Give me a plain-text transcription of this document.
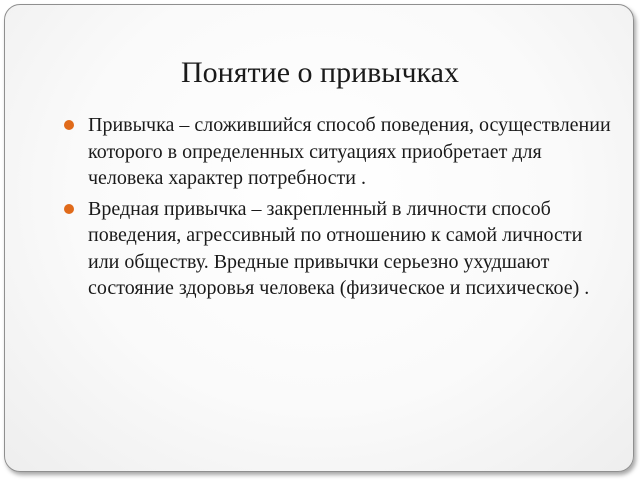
Понятие о привычках
Привычка – сложившийся способ поведения, осуществлении которого в определенных ситуациях приобретает для человека характер потребности .
Вредная привычка – закрепленный в личности способ поведения, агрессивный по отношению к самой личности или обществу. Вредные привычки серьезно ухудшают состояние здоровья человека (физическое и психическое) .
